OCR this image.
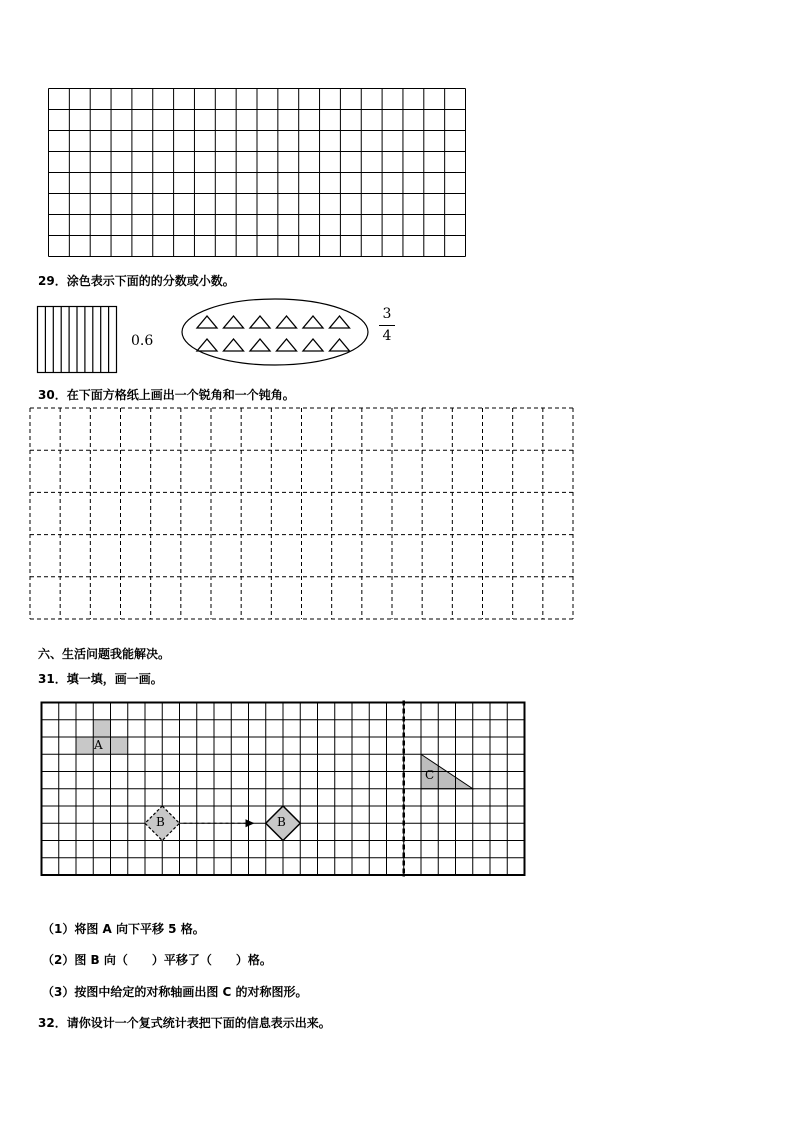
29．涂色表示下面的的分数或小数。
0.6
3
4
30．在下面方格纸上画出一个锐角和一个钝角。
六、生活问题我能解决。
31．填一填，画一画。
A
B	B
C
（1）将图 A 向下平移 5 格。
（2）图 B 向（　　）平移了（　　）格。
（3）按图中给定的对称轴画出图 C 的对称图形。
32．请你设计一个复式统计表把下面的信息表示出来。
